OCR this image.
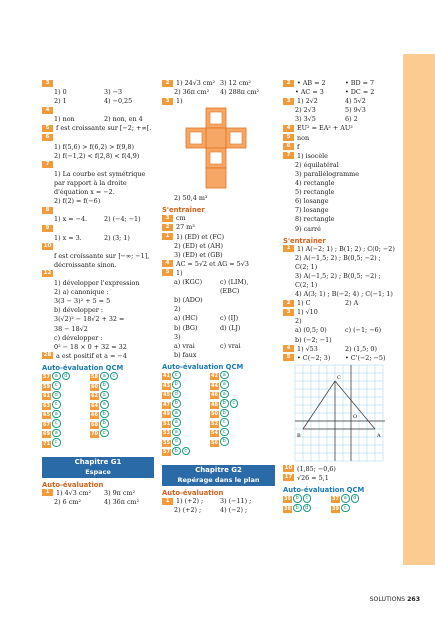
3
1) 0	3) −3
2) 1	4) −0,25
4
1) non	2) non, en 4
5 f est croissante sur [−2; +∞[.
6
1) f(5,6) > f(6,2) > f(9,8)
2) f(−1,2) < f(2,8) < f(4,9)
7
1) La courbe est symétrique
par rapport à la droite
d'équation x = −2.
2) f(2) = f(−6)
8
1) x = −4.	2) (−4; −1)
9
1) x = 3.	2) (3; 1)
10
f est croissante sur ]−∞; −1],
décroissante sinon.
12
1) développer l'expression
2) a) canonique :
3(3 − 3)² + 5 = 5
b) développer :
3(√2)² − 18√2 + 32 =
38 − 18√2
c) développer :
0² − 18 × 0 + 32 = 32
28 a est positif et a = −4
Auto-évaluation QCM
57 a d	58 a c
59 c	60 b
61 d	62 a
63 c	64 a
65 a	66 b
67 c	68 b
69 a	70 c
71 c
Chapitre G1
Espace
Auto-évaluation
1 1) 4√3 cm² 3) 9π cm²
2) 6 cm²	4) 36π cm²
2 1) 24√3 cm² 3) 12 cm²
2) 36π cm² 4) 288π cm²
3 1)
2) 50,4 m³
S'entraîner
3 cm
2 27 m³
1 1) (ED) et (FC)
2) (ED) et (AH)
3) (ED) et (GB)
4 AC = 5√2 et AG = 5√3
5 1)
a) (KGC)	c) (LIM),
(EBC)
b) (ADO)
2)
a) (HC)	c) (IJ)
b) (BG)	d) (LJ)
3)
a) vrai	c) vrai
b) faux
Auto-évaluation QCM
41 c	42 a
43 b	44 a
45 d	46 a
47 b	48 b c
49 a	50 b
51 a	52 c
53 a	54 c
55 d	56 b
57 b c
Chapitre G2
Repérage dans le plan
Auto-évaluation
1 1) (+2) ;	3) (−11) ;
2) (+2) ;	4) (−2) ;
2 • AB = 2	• BD = 7
• AC = 3	• DC = 2
3 1) 2√2	4) 5√2
2) 2√3	5) 9√3
3) 3√5	6) 2
4 EU² = EA² + AU²
5 non
6 f
7 1) isocèle
2) équilatéral
3) parallélogramme
4) rectangle
5) rectangle
6) losange
7) losange
8) rectangle
9) carré
S'entraîner
1 1) A(−2; 1) ; B(1; 2) ; C(0; −2)
2) A(−1,5; 2) ; B(0,5; −2) ;
C(2; 1)
3) A(−1,5; 2) ; B(0,5; −2) ;
C(2; 1)
4) A(3; 1) ; B(−2; 4) ; C(−1; 1)
2 1) C	2) A
3 1) √10
2)
a) (0,5; 0)	c) (−1; −6)
b) (−2; −1)
4 1) √53	2) (1,5; 0)
5 • C(−2; 3) • C'(−2; −5)
C
B	A
O
10 (1,85; −0,6)
17 √26 ≈ 5,1
Auto-évaluation QCM
36 b c	37 a d
38 b d	39 c
SOLUTIONS 263
